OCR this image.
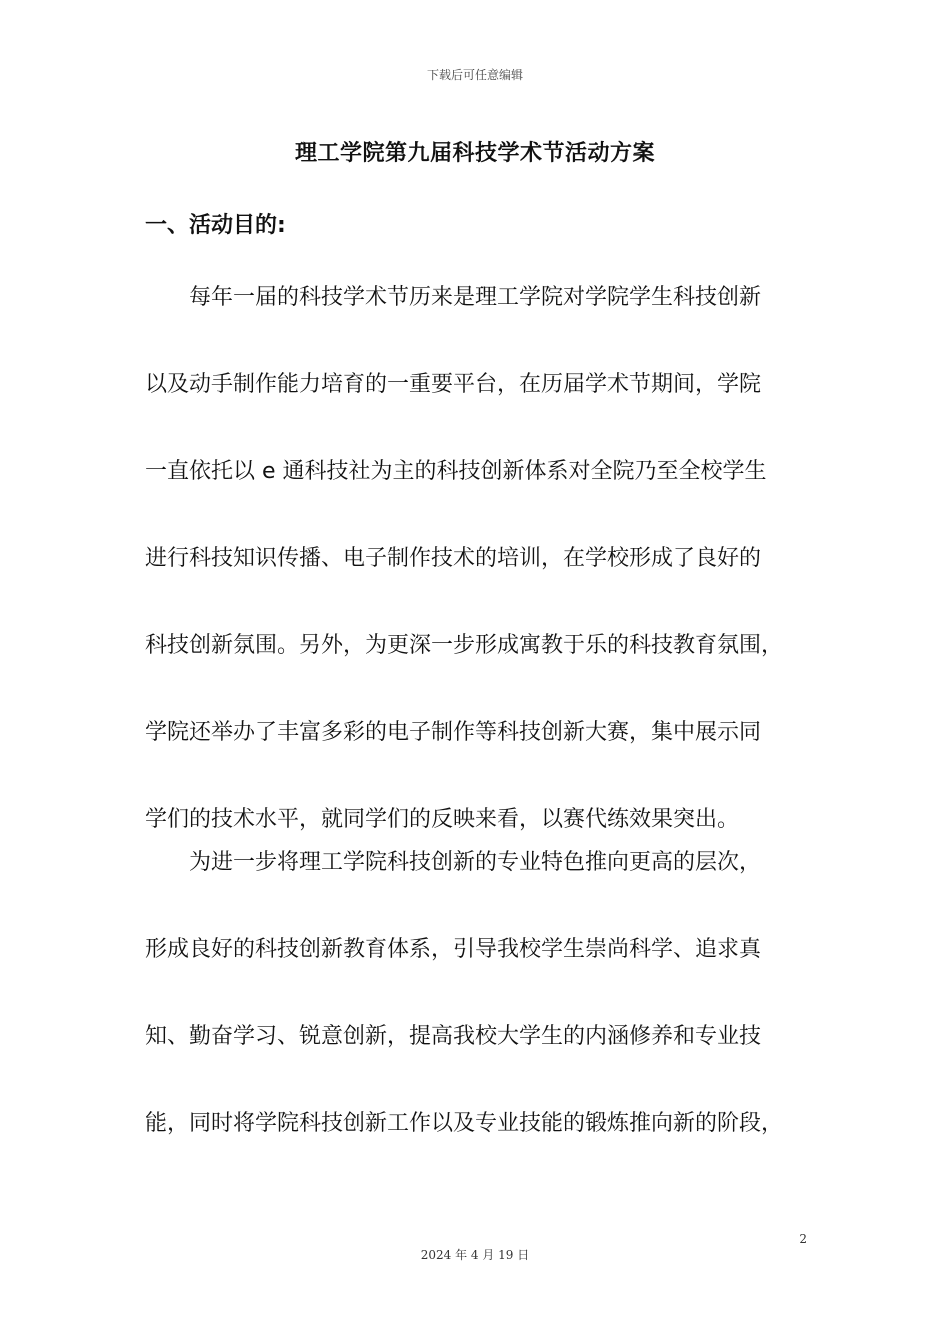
下载后可任意编辑
理工学院第九届科技学术节活动方案
一、活动目的:
每年一届的科技学术节历来是理工学院对学院学生科技创新
以及动手制作能力培育的一重要平台，在历届学术节期间，学院
一直依托以 e 通科技社为主的科技创新体系对全院乃至全校学生
进行科技知识传播、电子制作技术的培训，在学校形成了良好的
科技创新氛围。另外，为更深一步形成寓教于乐的科技教育氛围，
学院还举办了丰富多彩的电子制作等科技创新大赛，集中展示同
学们的技术水平，就同学们的反映来看，以赛代练效果突出。
为进一步将理工学院科技创新的专业特色推向更高的层次，
形成良好的科技创新教育体系，引导我校学生崇尚科学、追求真
知、勤奋学习、锐意创新，提高我校大学生的内涵修养和专业技
能，同时将学院科技创新工作以及专业技能的锻炼推向新的阶段，
2
2024 年 4 月 19 日
